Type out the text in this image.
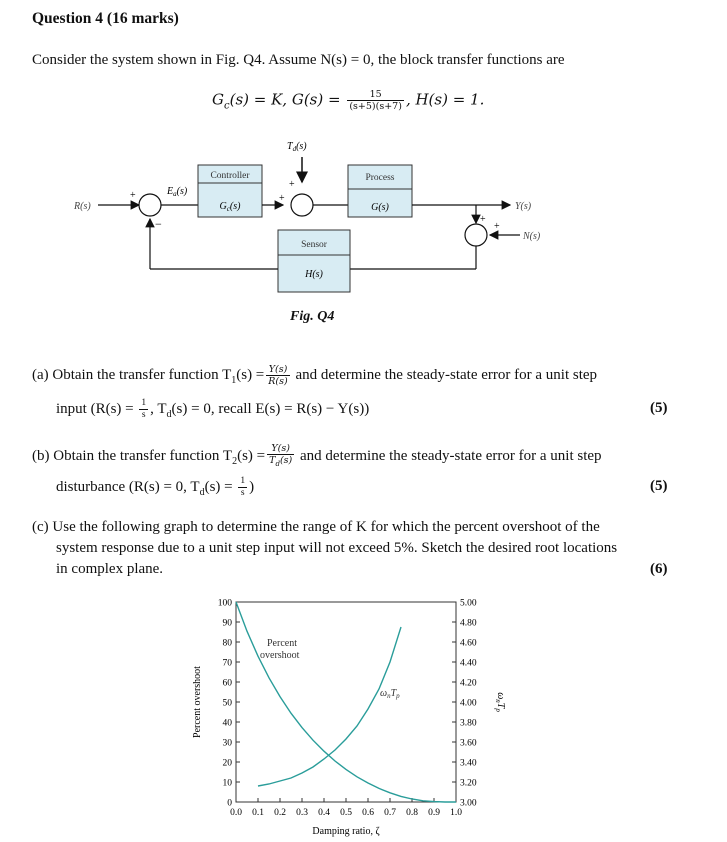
Question 4 (16 marks)
Consider the system shown in Fig. Q4. Assume N(s) = 0, the block transfer functions are
$G_c(s) = K$, $G(s) = \frac{15}{(s+5)(s+7)}$ , H(s) = 1.
R(s)
+
−
$E_a(s)$
Controller
$G_c(s)$
$T_d(s)$
+
+
Process
G(s)	Y(s)
+
+
N(s)
Sensor
H(s)
Fig. Q4
(a) Obtain the transfer function $T_1(s) = \frac{Y(s)}{R(s)}$ and determine the steady-state error for a unit step
input ($R(s) = \frac{1}{s}$ , $T_d(s) = 0$, recall E(s) = R(s) − Y(s))	(5)
(b) Obtain the transfer function $T_2(s) = \frac{Y(s)}{T_d(s)}$ and determine the steady-state error for a unit step
disturbance (R(s) = 0, $T_d(s) = \frac{1}{s}$ )	(5)
(c) Use the following graph to determine the range of K for which the percent overshoot of the
system response due to a unit step input will not exceed 5%. Sketch the desired root locations
in complex plane.	(6)
Percent overshoot	$\omega_nT_p$
Damping ratio, ζ
Percent
overshoot
$\omega_nT_p$
0
10
20
30
40
50
60
70
80
90
100
3.00
3.20
3.40
3.60
3.80
4.00
4.20
4.40
4.60
4.80
5.00
0.0 0.1 0.2 0.3 0.4 0.5 0.6 0.7 0.8 0.9 1.0
